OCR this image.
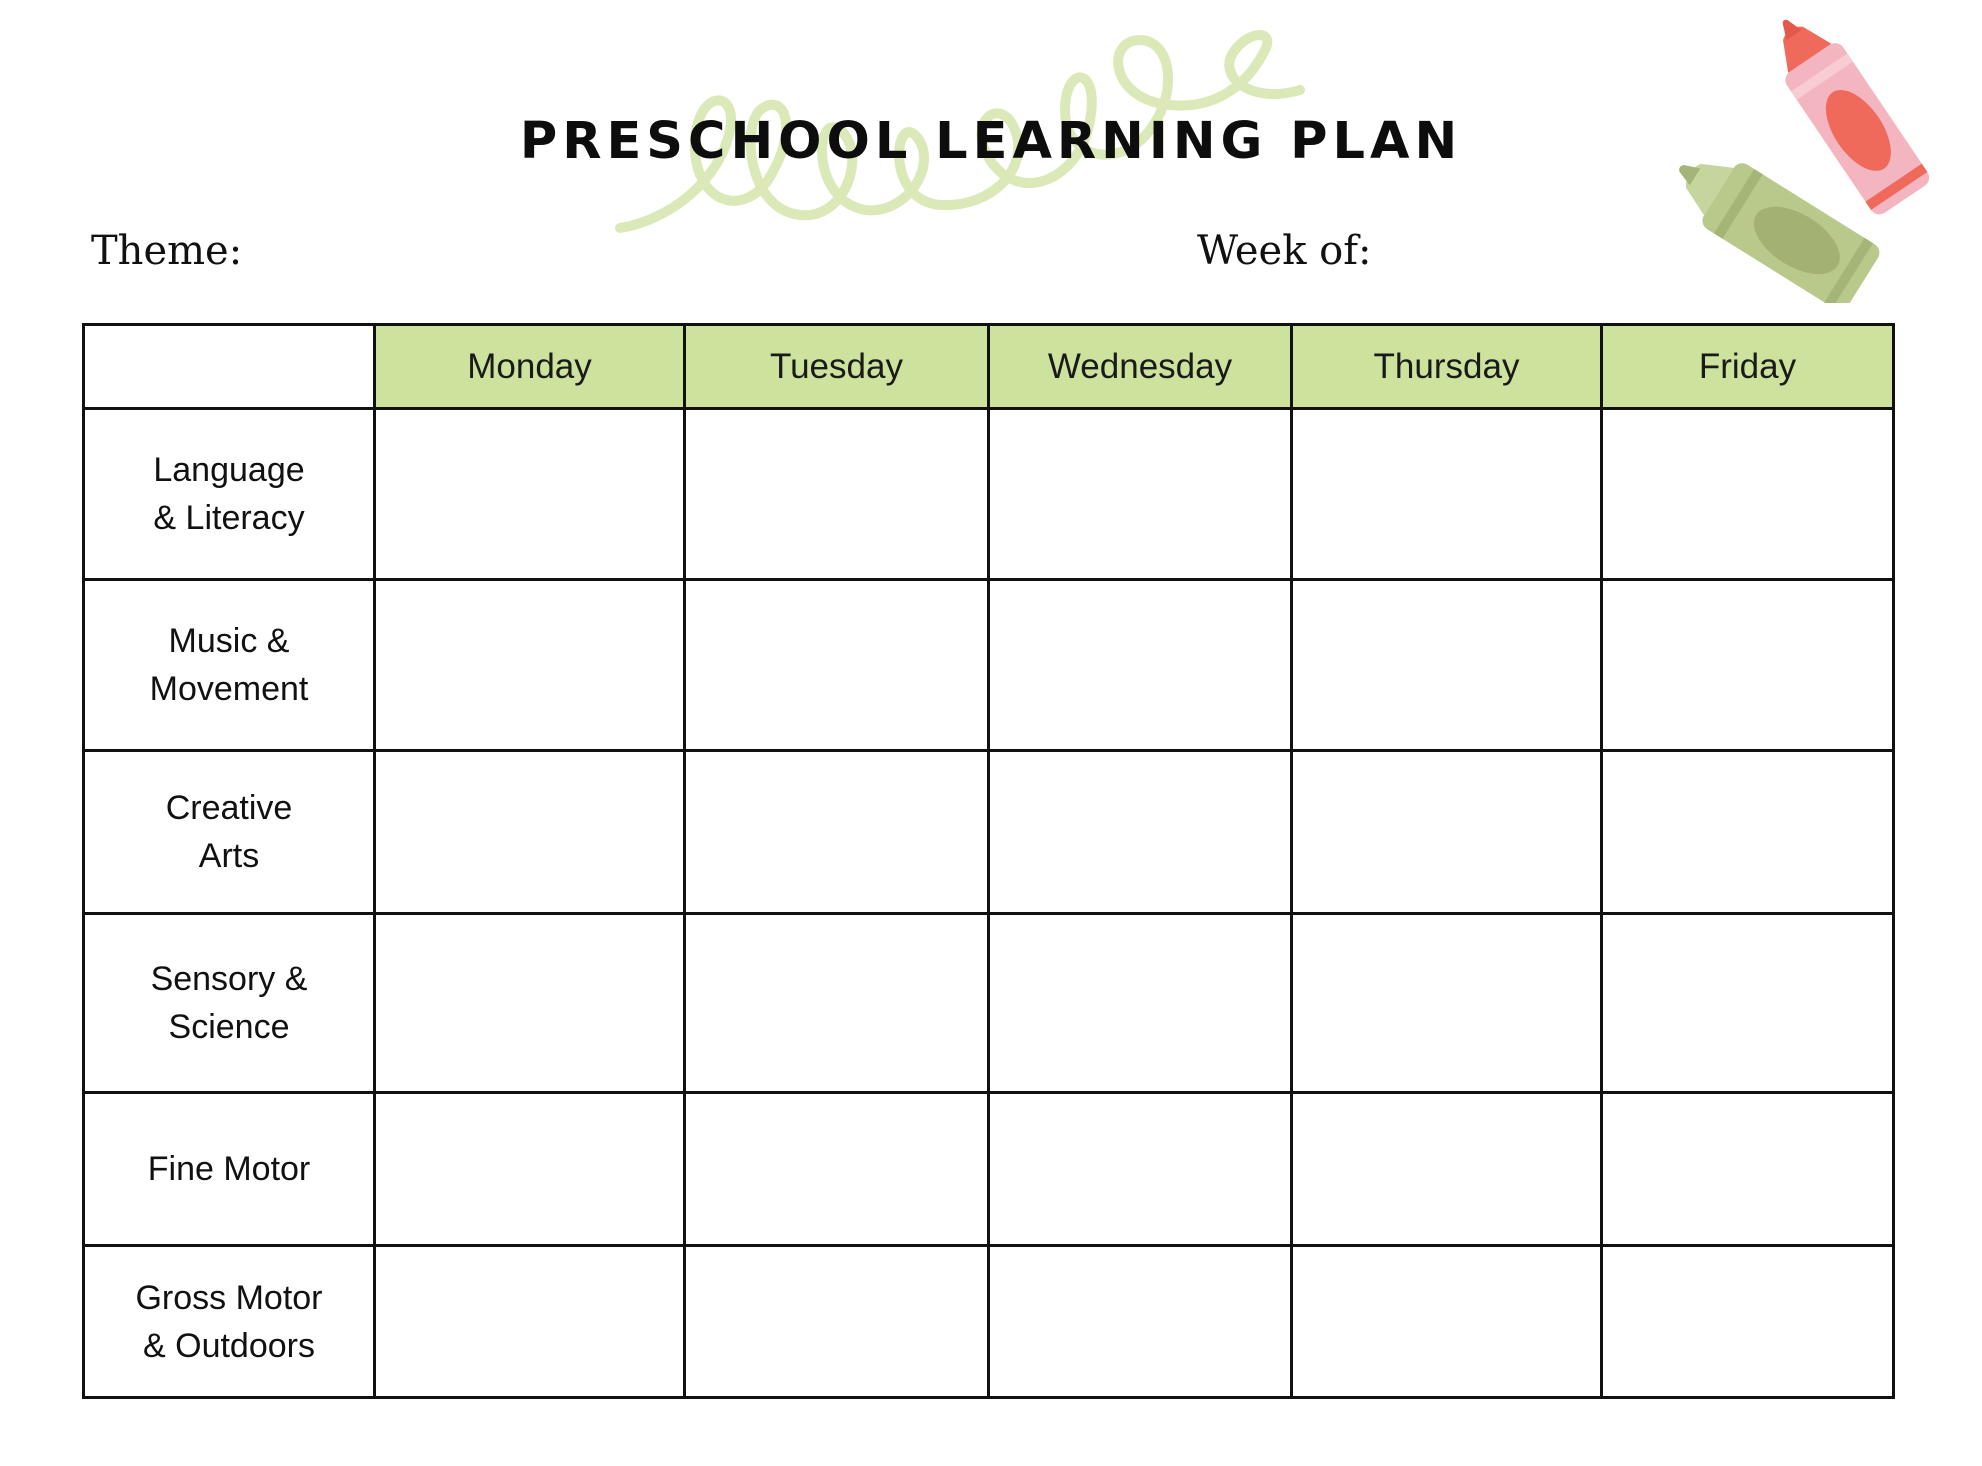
PRESCHOOL LEARNING PLAN
Theme:	Week of:
	Monday	Tuesday	Wednesday	Thursday	Friday

Language
& Literacy					

Music &
Movement					

Creative
Arts					

Sensory &
Science					

Fine Motor					

Gross Motor
& Outdoors					
